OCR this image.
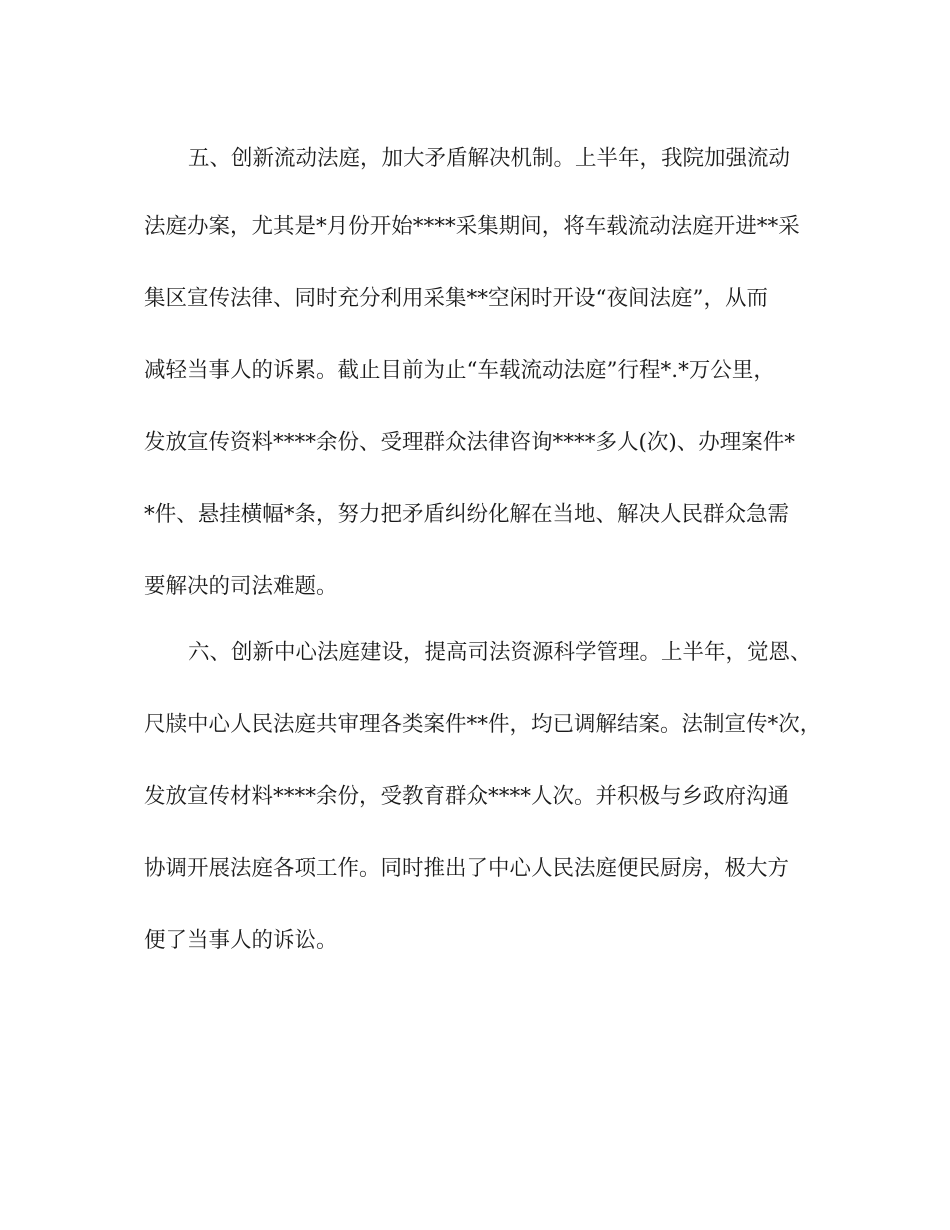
五、创新流动法庭，加大矛盾解决机制。上半年，我院加强流动
法庭办案，尤其是*月份开始****采集期间，将车载流动法庭开进**采
集区宣传法律、同时充分利用采集**空闲时开设“夜间法庭”，从而
减轻当事人的诉累。截止目前为止“车载流动法庭”行程*.*万公里，
发放宣传资料****余份、受理群众法律咨询****多人(次)、办理案件*
*件、悬挂横幅*条，努力把矛盾纠纷化解在当地、解决人民群众急需
要解决的司法难题。
六、创新中心法庭建设，提高司法资源科学管理。上半年，觉恩、
尺牍中心人民法庭共审理各类案件**件，均已调解结案。法制宣传*次，
发放宣传材料****余份，受教育群众****人次。并积极与乡政府沟通
协调开展法庭各项工作。同时推出了中心人民法庭便民厨房，极大方
便了当事人的诉讼。
